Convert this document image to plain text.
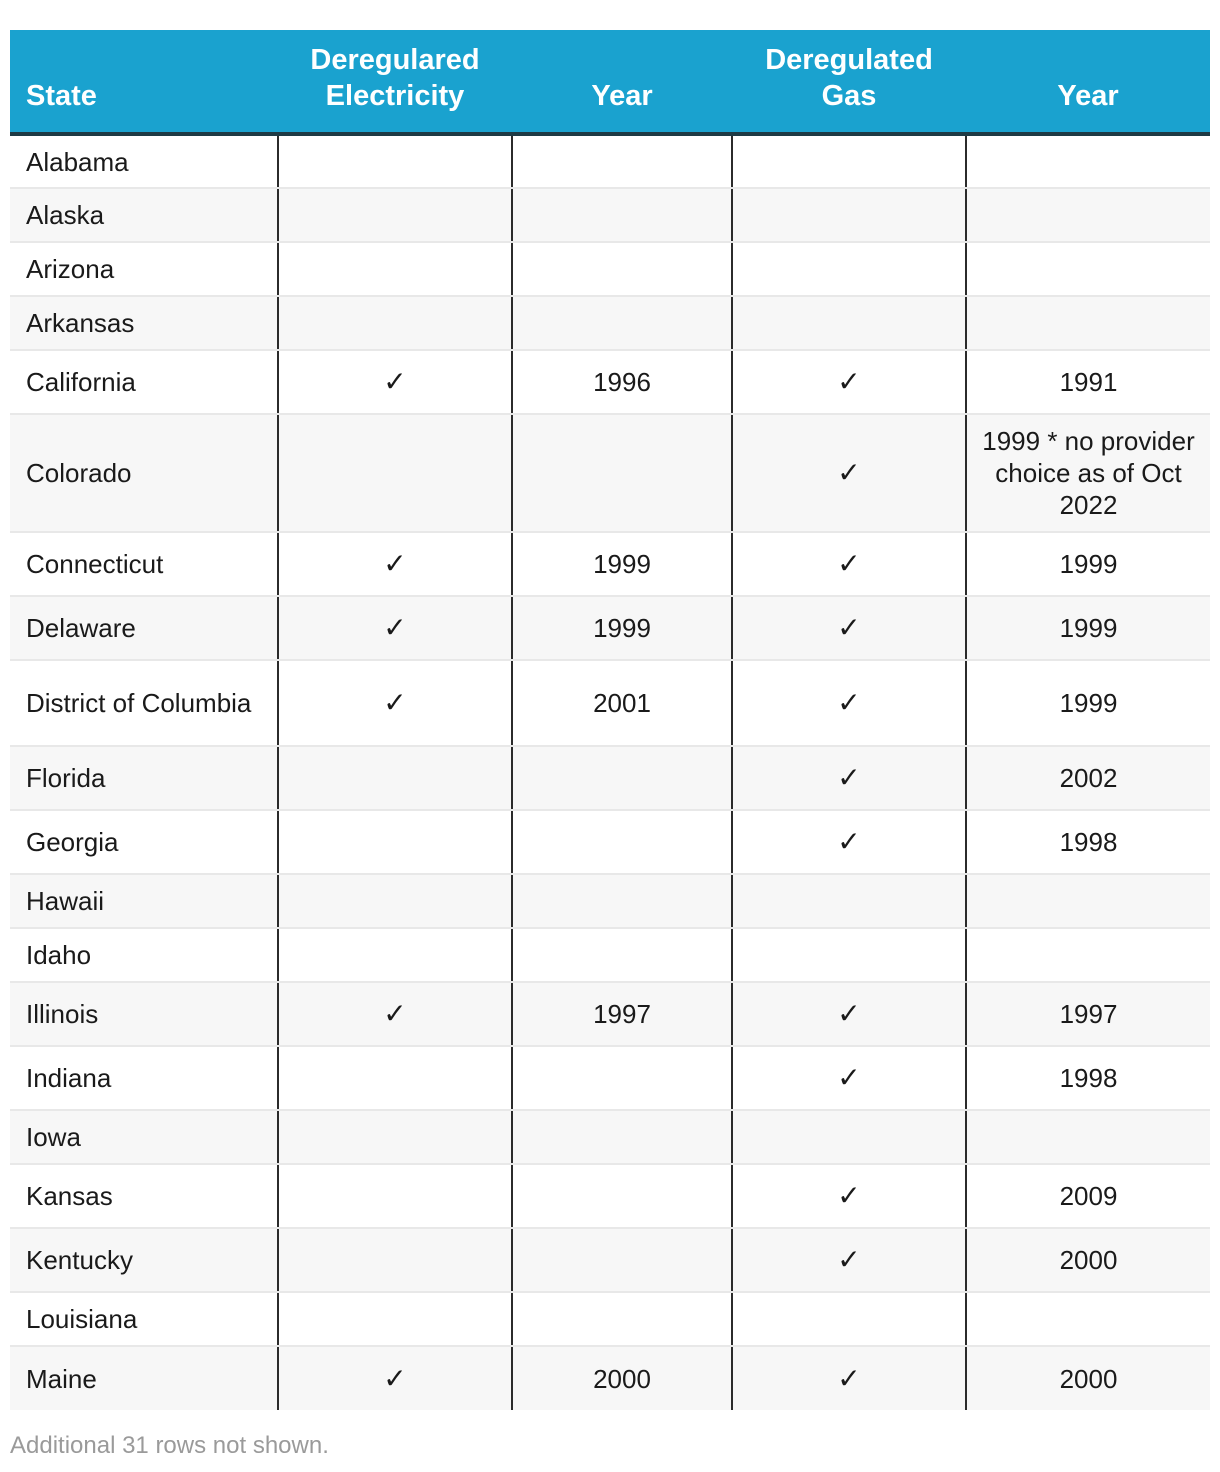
State	Deregulared Electricity	Year	Deregulated Gas	Year
Alabama				
Alaska				
Arizona				
Arkansas				
California	✓	1996	✓	1991
Colorado			✓	1999 * no provider choice as of Oct 2022
Connecticut	✓	1999	✓	1999
Delaware	✓	1999	✓	1999
District of Columbia	✓	2001	✓	1999
Florida			✓	2002
Georgia			✓	1998
Hawaii				
Idaho				
Illinois	✓	1997	✓	1997
Indiana			✓	1998
Iowa				
Kansas			✓	2009
Kentucky			✓	2000
Louisiana				
Maine	✓	2000	✓	2000
Additional 31 rows not shown.
